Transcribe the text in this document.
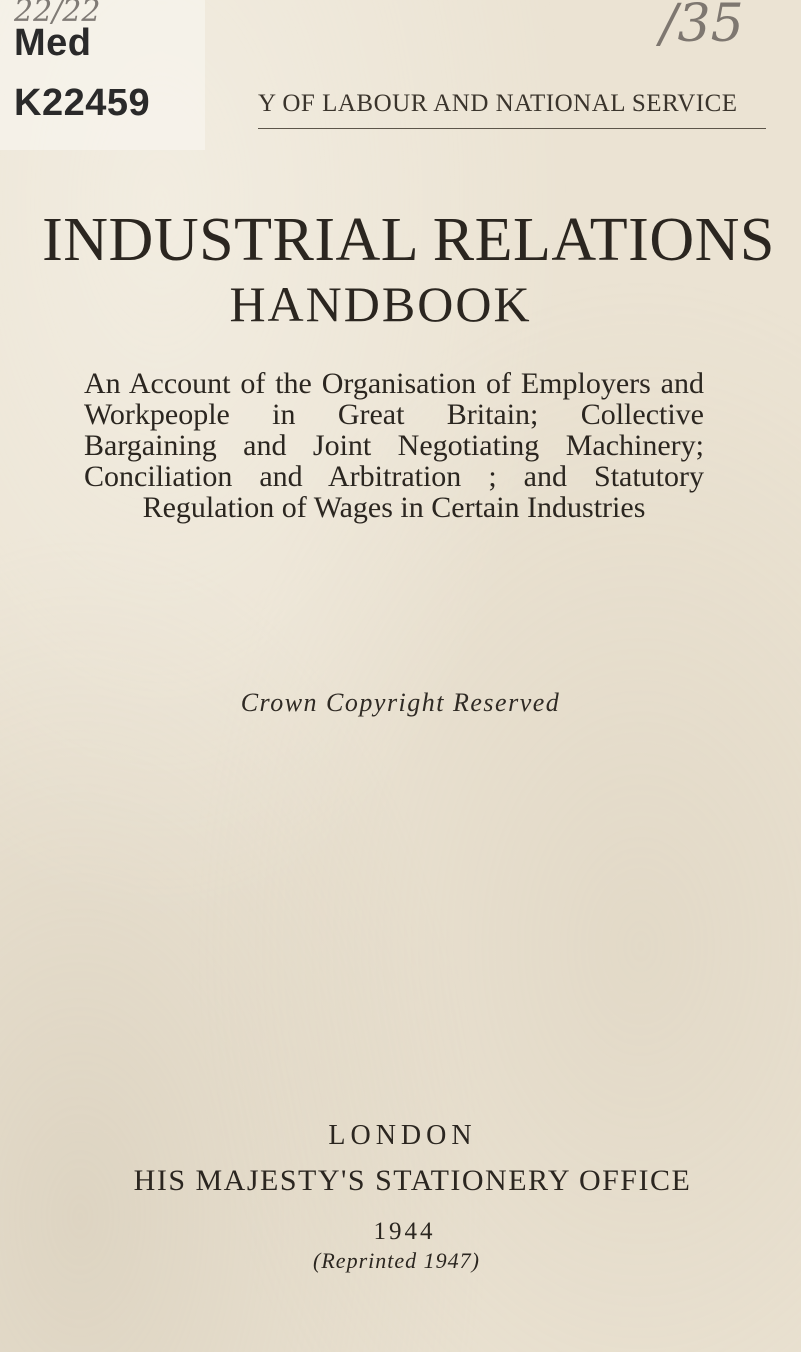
22/22	/35
Med
K22459	Y OF LABOUR AND NATIONAL SERVICE
INDUSTRIAL RELATIONS
HANDBOOK
An Account of the Organisation of Employers and Workpeople in Great Britain; Collective Bargaining and Joint Negotiating Machinery; Conciliation and Arbitration ; and Statutory Regulation of Wages in Certain Industries
Crown Copyright Reserved
LONDON
HIS MAJESTY'S STATIONERY OFFICE
1944
(Reprinted 1947)
